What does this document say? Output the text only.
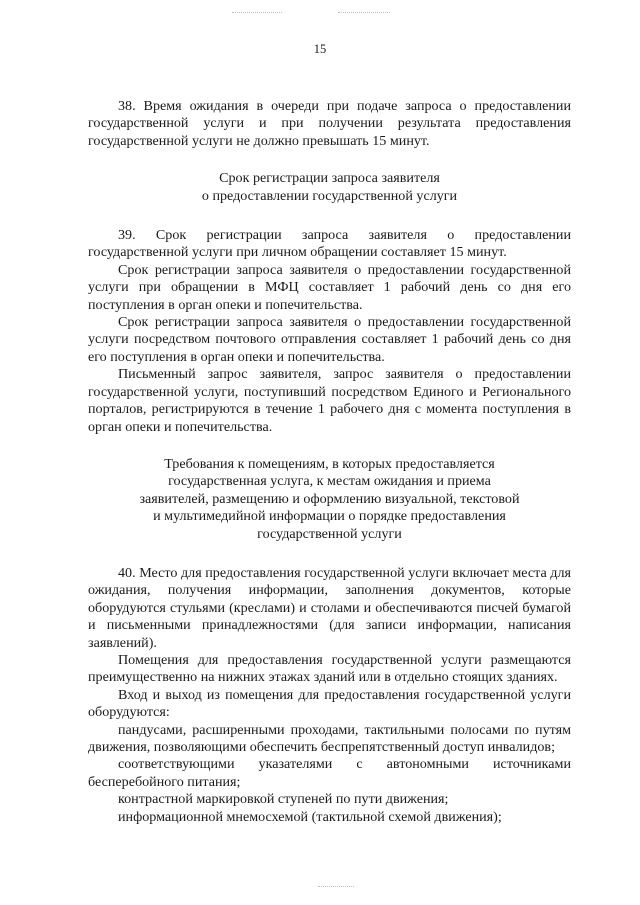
15

38. Время ожидания в очереди при подаче запроса о предоставлении государственной услуги и при получении результата предоставления государственной услуги не должно превышать 15 минут.

Срок регистрации запроса заявителя
о предоставлении государственной услуги

39. Срок регистрации запроса заявителя о предоставлении государственной услуги при личном обращении составляет 15 минут.

Срок регистрации запроса заявителя о предоставлении государственной услуги при обращении в МФЦ составляет 1 рабочий день со дня его поступления в орган опеки и попечительства.

Срок регистрации запроса заявителя о предоставлении государственной услуги посредством почтового отправления составляет 1 рабочий день со дня его поступления в орган опеки и попечительства.

Письменный запрос заявителя, запрос заявителя о предоставлении государственной услуги, поступивший посредством Единого и Регионального порталов, регистрируются в течение 1 рабочего дня с момента поступления в орган опеки и попечительства.

Требования к помещениям, в которых предоставляется
государственная услуга, к местам ожидания и приема
заявителей, размещению и оформлению визуальной, текстовой
и мультимедийной информации о порядке предоставления
государственной услуги

40. Место для предоставления государственной услуги включает места для ожидания, получения информации, заполнения документов, которые оборудуются стульями (креслами) и столами и обеспечиваются писчей бумагой и письменными принадлежностями (для записи информации, написания заявлений).

Помещения для предоставления государственной услуги размещаются преимущественно на нижних этажах зданий или в отдельно стоящих зданиях.

Вход и выход из помещения для предоставления государственной услуги оборудуются:

пандусами, расширенными проходами, тактильными полосами по путям движения, позволяющими обеспечить беспрепятственный доступ инвалидов;

соответствующими указателями с автономными источниками бесперебойного питания;

контрастной маркировкой ступеней по пути движения;

информационной мнемосхемой (тактильной схемой движения);
